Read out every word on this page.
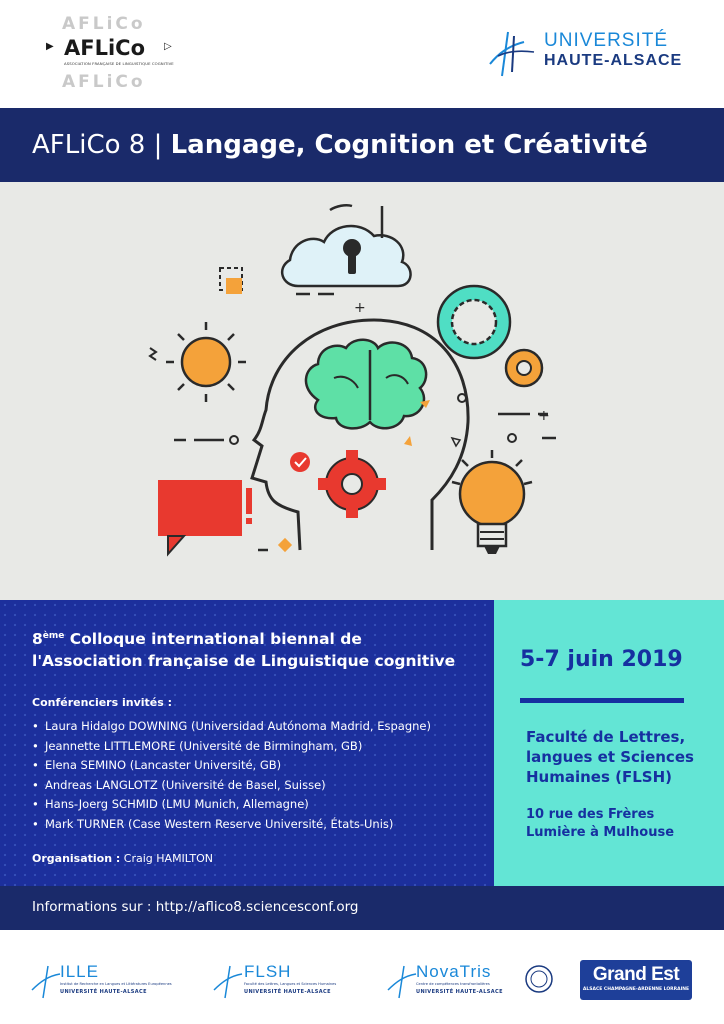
AFLiCo
▶ AFLiCo ▷
ASSOCIATION FRANÇAISE DE LINGUISTIQUE COGNITIVE
AFLiCo
UNIVERSITÉ
HAUTE-ALSACE
AFLiCo 8 | Langage, Cognition et Créativité
+
+
8ème Colloque international biennal de
l'Association française de Linguistique cognitive
Conférenciers invités :
• Laura Hidalgo DOWNING (Universidad Autónoma Madrid, Espagne)
• Jeannette LITTLEMORE (Université de Birmingham, GB)
• Elena SEMINO (Lancaster Université, GB)
• Andreas LANGLOTZ (Université de Basel, Suisse)
• Hans-Joerg SCHMID (LMU Munich, Allemagne)
• Mark TURNER (Case Western Reserve Université, États-Unis)
Organisation : Craig HAMILTON
5-7 juin 2019
Faculté de Lettres,
langues et Sciences
Humaines (FLSH)
10 rue des Frères
Lumière à Mulhouse
Informations sur : http://aflico8.sciencesconf.org
ILLE
Institut de Recherche en Langues et Littératures Européennes
UNIVERSITÉ HAUTE-ALSACE
FLSH
Faculté des Lettres, Langues et Sciences Humaines
UNIVERSITÉ HAUTE-ALSACE
NovaTris
Centre de compétences transfrontalières
UNIVERSITÉ HAUTE-ALSACE
Grand Est
ALSACE CHAMPAGNE-ARDENNE LORRAINE
